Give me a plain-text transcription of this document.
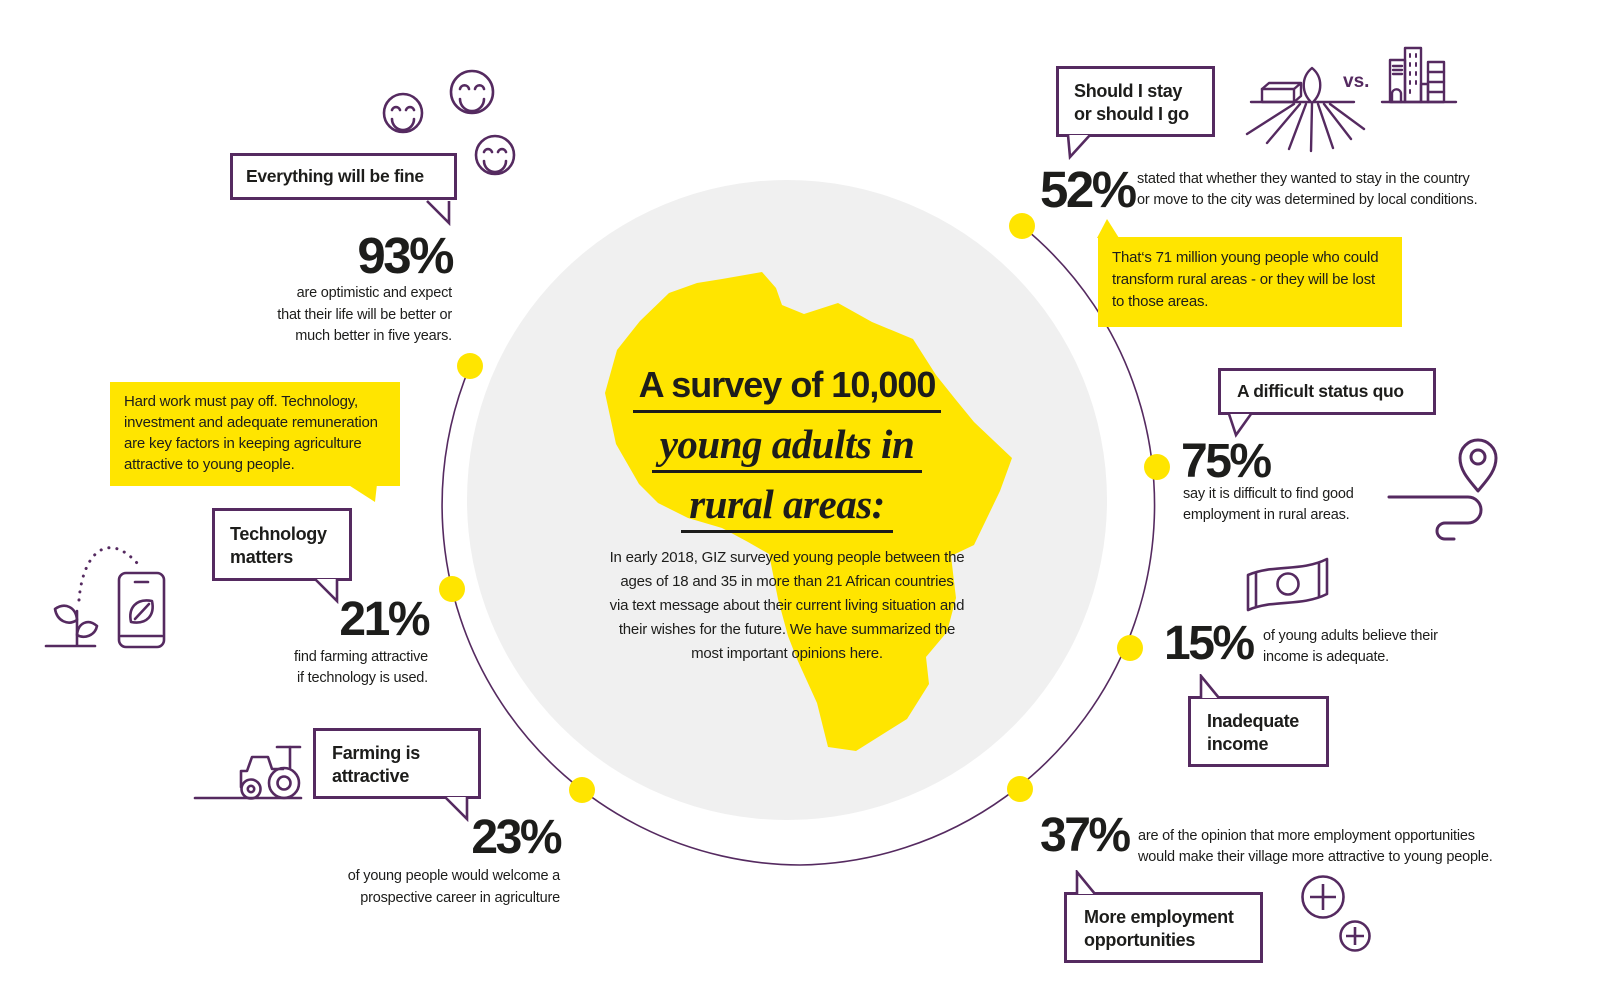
Everything will be fine
Technology
matters
Farming is
attractive
Should I stay
or should I go
A difficult status quo
Inadequate
income
More employment
opportunities
Hard work must pay off. Technology,
investment and adequate remuneration
are key factors in keeping agriculture
attractive to young people.
That‘s 71 million young people who could
transform rural areas - or they will be lost
to those areas.
93%
are optimistic and expect
that their life will be better or
much better in five years.
21%
find farming attractive
if technology is used.
23%
of young people would welcome a
prospective career in agriculture
52% stated that whether they wanted to stay in the country
or move to the city was determined by local conditions.
75%
say it is difficult to find good
employment in rural areas.
15% of young adults believe their
income is adequate.
37% are of the opinion that more employment opportunities
would make their village more attractive to young people.
vs.
A survey of 10,000
young adults in
rural areas:
In early 2018, GIZ surveyed young people between the
ages of 18 and 35 in more than 21 African countries
via text message about their current living situation and
their wishes for the future. We have summarized the
most important opinions here.
